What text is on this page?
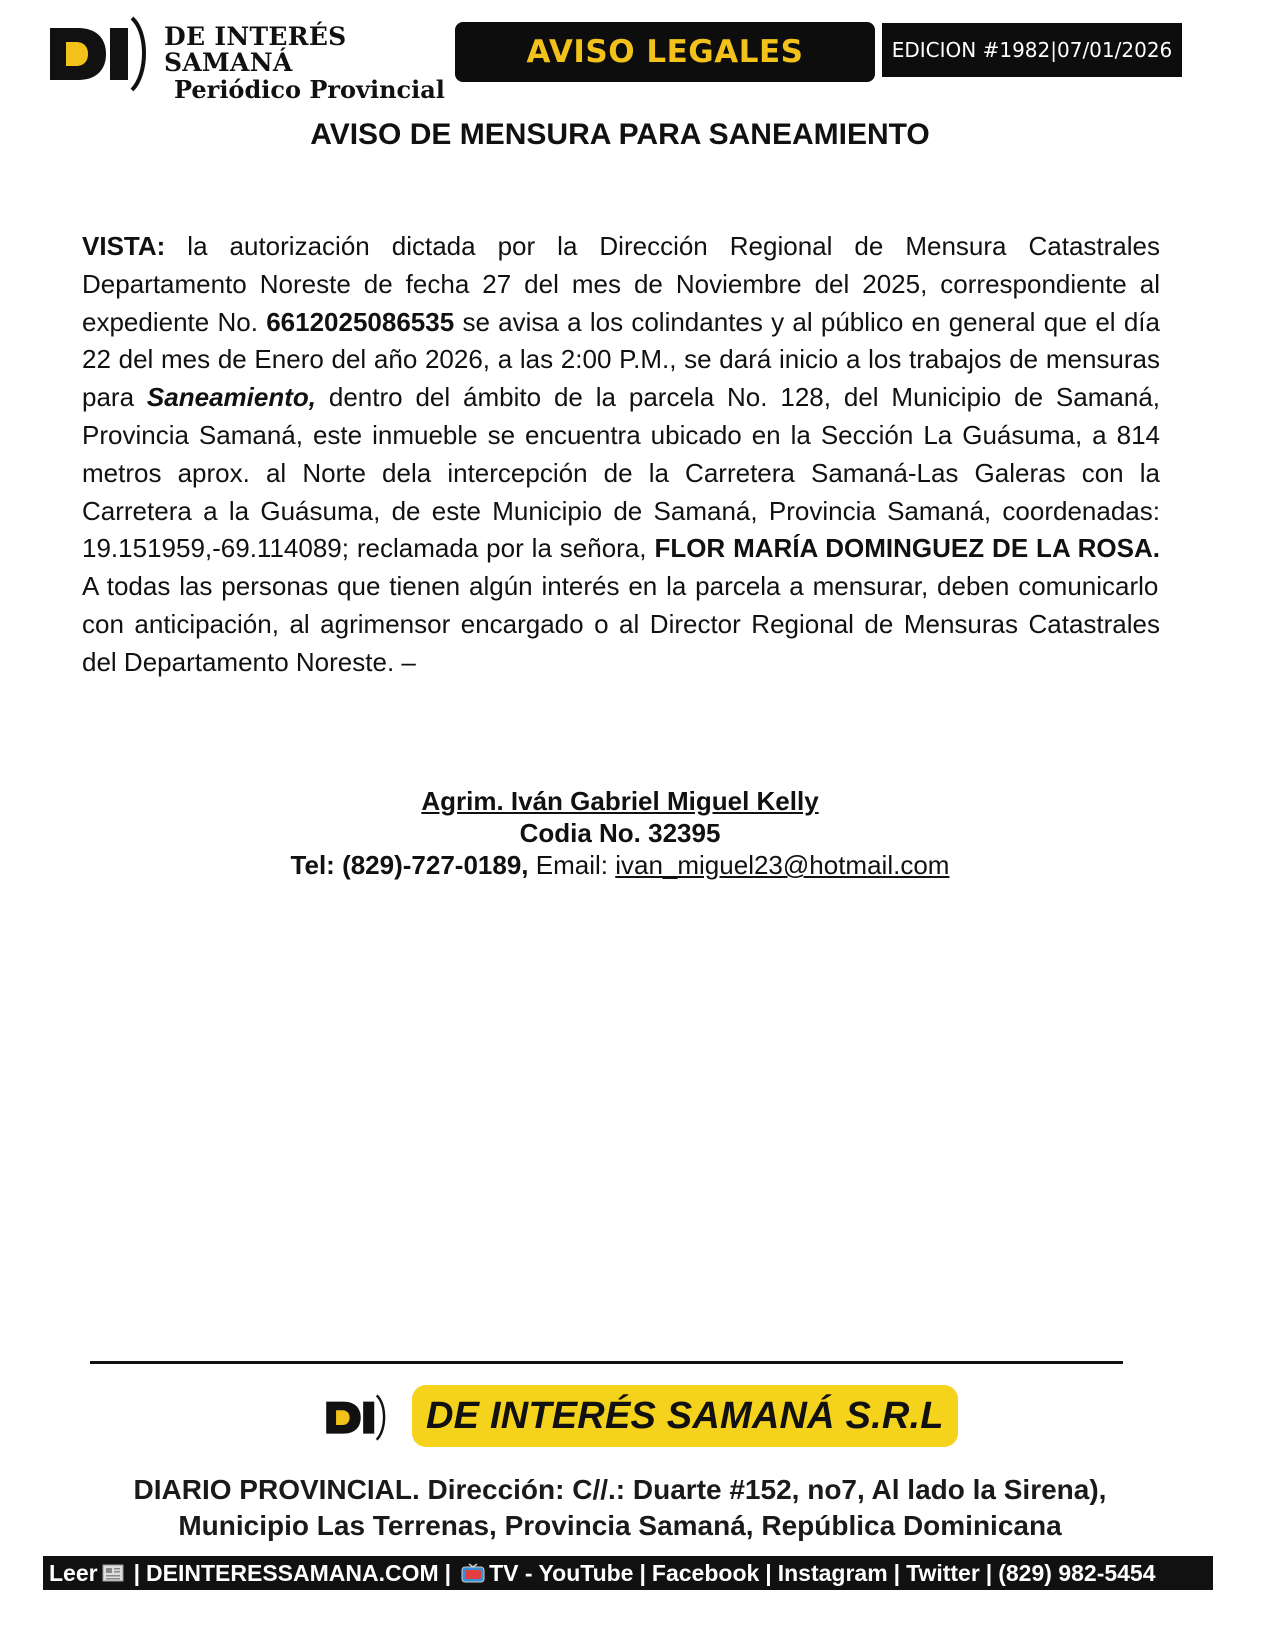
DE INTERÉS SAMANÁ
Periódico Provincial
AVISO LEGALES	EDICION #1982|07/01/2026
AVISO DE MENSURA PARA SANEAMIENTO
VISTA: la autorización dictada por la Dirección Regional de Mensura Catastrales Departamento Noreste de fecha 27 del mes de Noviembre del 2025, correspondiente al expediente No. 6612025086535 se avisa a los colindantes y al público en general que el día 22 del mes de Enero del año 2026, a las 2:00 P.M., se dará inicio a los trabajos de mensuras para Saneamiento, dentro del ámbito de la parcela No. 128, del Municipio de Samaná, Provincia Samaná, este inmueble se encuentra ubicado en la Sección La Guásuma, a 814 metros aprox. al Norte dela intercepción de la Carretera Samaná-Las Galeras con la Carretera a la Guásuma, de este Municipio de Samaná, Provincia Samaná, coordenadas: 19.151959,-69.114089; reclamada por la señora, FLOR MARÍA DOMINGUEZ DE LA ROSA. A todas las personas que tienen algún interés en la parcela a mensurar, deben comunicarlo con anticipación, al agrimensor encargado o al Director Regional de Mensuras Catastrales del Departamento Noreste. –
Agrim. Iván Gabriel Miguel Kelly
Codia No. 32395
Tel: (829)-727-0189, Email: ivan_miguel23@hotmail.com
DE INTERÉS SAMANÁ S.R.L
DIARIO PROVINCIAL. Dirección: C//.: Duarte #152, no7, Al lado la Sirena),
Municipio Las Terrenas, Provincia Samaná, República Dominicana
Leer | DEINTERESSAMANA.COM | TV - YouTube | Facebook | Instagram | Twitter | (829) 982-5454
